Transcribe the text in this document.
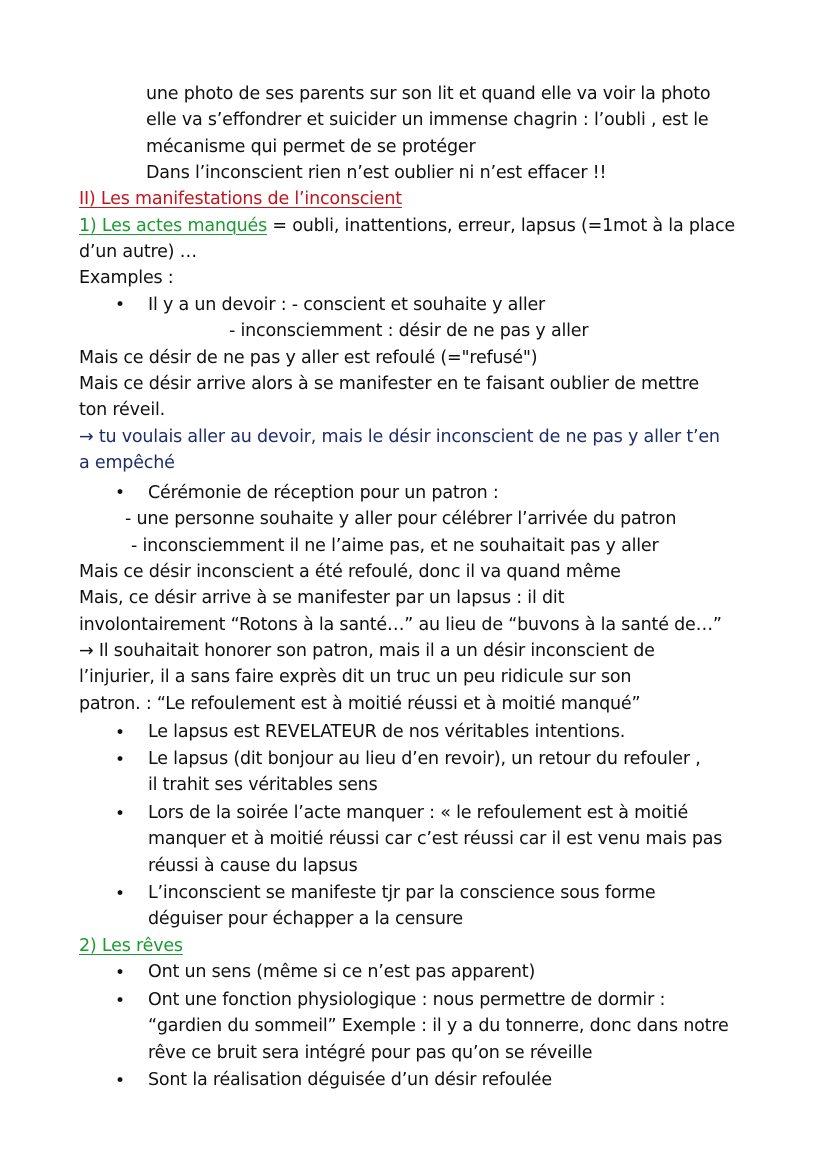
une photo de ses parents sur son lit et quand elle va voir la photo
elle va s’effondrer et suicider un immense chagrin : l’oubli , est le
mécanisme qui permet de se protéger
Dans l’inconscient rien n’est oublier ni n’est effacer !!
II) Les manifestations de l’inconscient
1) Les actes manqués = oubli, inattentions, erreur, lapsus (=1mot à la place
d’un autre) …
Examples :
• Il y a un devoir : - conscient et souhaite y aller
- inconsciemment : désir de ne pas y aller
Mais ce désir de ne pas y aller est refoulé (="refusé")
Mais ce désir arrive alors à se manifester en te faisant oublier de mettre
ton réveil.
→ tu voulais aller au devoir, mais le désir inconscient de ne pas y aller t’en
a empêché
• Cérémonie de réception pour un patron :
- une personne souhaite y aller pour célébrer l’arrivée du patron
- inconsciemment il ne l’aime pas, et ne souhaitait pas y aller
Mais ce désir inconscient a été refoulé, donc il va quand même
Mais, ce désir arrive à se manifester par un lapsus : il dit
involontairement “Rotons à la santé…” au lieu de “buvons à la santé de…”
→ Il souhaitait honorer son patron, mais il a un désir inconscient de
l’injurier, il a sans faire exprès dit un truc un peu ridicule sur son
patron. : “Le refoulement est à moitié réussi et à moitié manqué”
• Le lapsus est REVELATEUR de nos véritables intentions.
• Le lapsus (dit bonjour au lieu d’en revoir), un retour du refouler ,
il trahit ses véritables sens
• Lors de la soirée l’acte manquer : « le refoulement est à moitié
manquer et à moitié réussi car c’est réussi car il est venu mais pas
réussi à cause du lapsus
• L’inconscient se manifeste tjr par la conscience sous forme
déguiser pour échapper a la censure
2) Les rêves
• Ont un sens (même si ce n’est pas apparent)
• Ont une fonction physiologique : nous permettre de dormir :
“gardien du sommeil” Exemple : il y a du tonnerre, donc dans notre
rêve ce bruit sera intégré pour pas qu’on se réveille
• Sont la réalisation déguisée d’un désir refoulée
